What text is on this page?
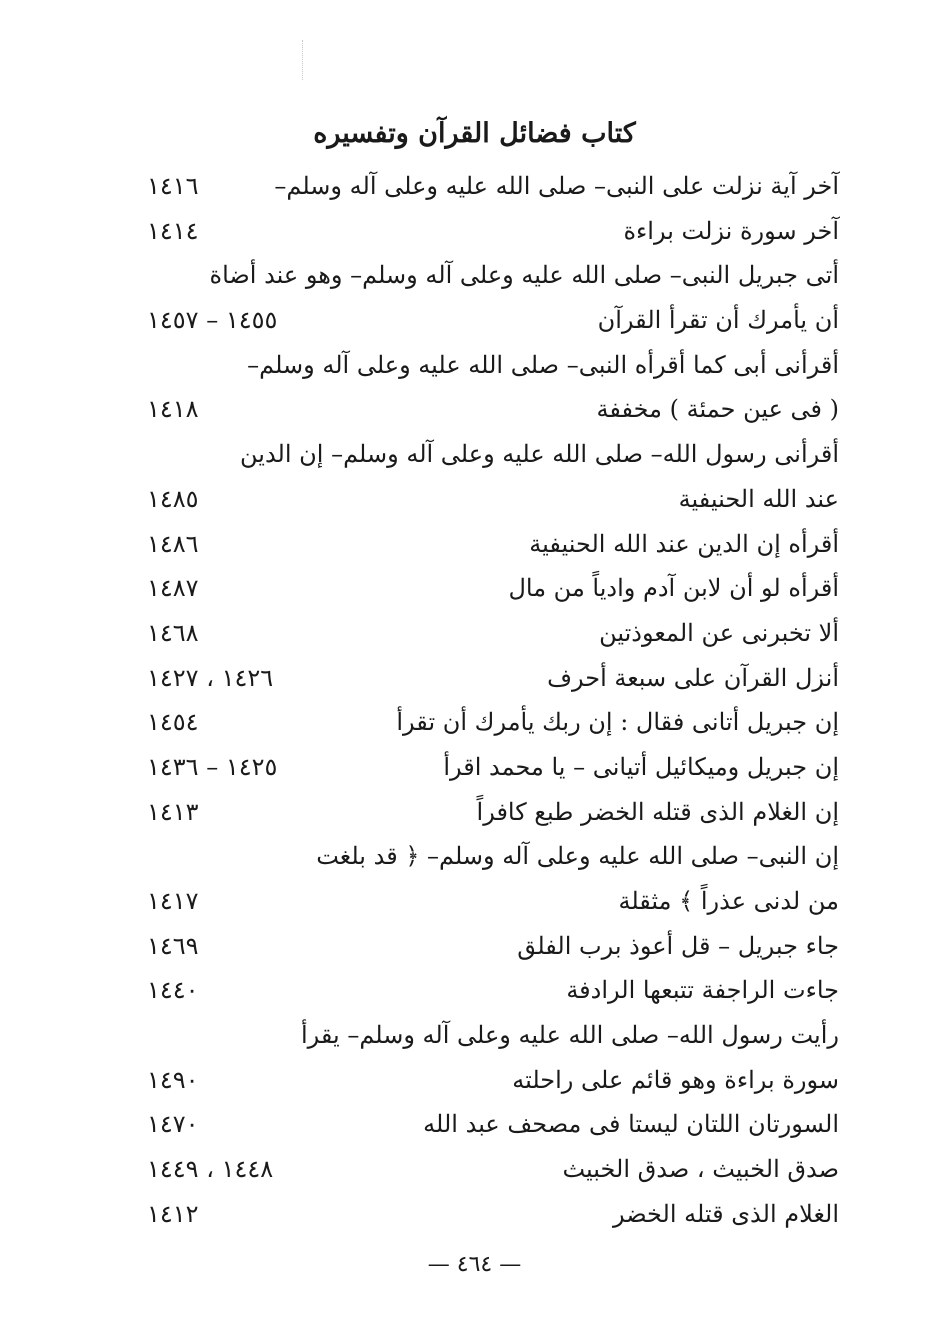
كتاب فضائل القرآن وتفسيره
آخر آية نزلت على النبى– صلى الله عليه وعلى آله وسلم–
١٤١٦
آخر سورة نزلت براءة
١٤١٤
أتى جبريل النبى– صلى الله عليه وعلى آله وسلم– وهو عند أضاة
أن يأمرك أن تقرأ القرآن
١٤٥٥ – ١٤٥٧
أقرأنى أبى كما أقرأه النبى– صلى الله عليه وعلى آله وسلم–
( فى عين حمئة ) مخففة
١٤١٨
أقرأنى رسول الله– صلى الله عليه وعلى آله وسلم– إن الدين
عند الله الحنيفية
١٤٨٥
أقرأه إن الدين عند الله الحنيفية
١٤٨٦
أقرأه لو أن لابن آدم وادياً من مال
١٤٨٧
ألا تخبرنى عن المعوذتين
١٤٦٨
أنزل القرآن على سبعة أحرف
١٤٢٦ ، ١٤٢٧
إن جبريل أتانى فقال : إن ربك يأمرك أن تقرأ
١٤٥٤
إن جبريل وميكائيل أتيانى – يا محمد اقرأ
١٤٢٥ – ١٤٣٦
إن الغلام الذى قتله الخضر طبع كافراً
١٤١٣
إن النبى– صلى الله عليه وعلى آله وسلم– ﴿ قد بلغت
من لدنى عذراً ﴾ مثقلة
١٤١٧
جاء جبريل – قل أعوذ برب الفلق
١٤٦٩
جاءت الراجفة تتبعها الرادفة
١٤٤٠
رأيت رسول الله– صلى الله عليه وعلى آله وسلم– يقرأ
سورة براءة وهو قائم على راحلته
١٤٩٠
السورتان اللتان ليستا فى مصحف عبد الله
١٤٧٠
صدق الخبيث ، صدق الخبيث
١٤٤٨ ، ١٤٤٩
الغلام الذى قتله الخضر
١٤١٢
— ٤٦٤ —
